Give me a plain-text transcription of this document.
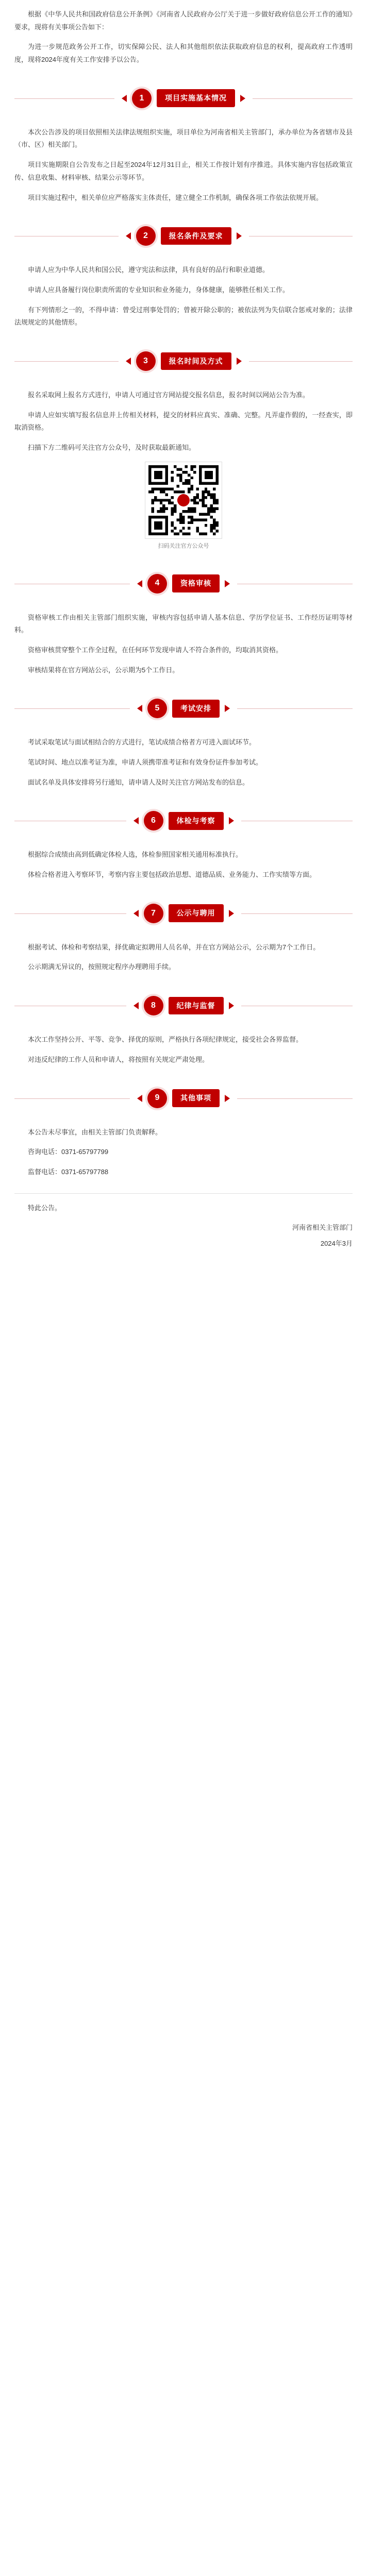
根据《中华人民共和国政府信息公开条例》《河南省人民政府办公厅关于进一步做好政府信息公开工作的通知》要求，现将有关事项公告如下：

为进一步规范政务公开工作，切实保障公民、法人和其他组织依法获取政府信息的权利，提高政府工作透明度，现将2024年度有关工作安排予以公告。

1	项目实施基本情况

本次公告涉及的项目依照相关法律法规组织实施，项目单位为河南省相关主管部门，承办单位为各省辖市及县（市、区）相关部门。

项目实施期限自公告发布之日起至2024年12月31日止，相关工作按计划有序推进。具体实施内容包括政策宣传、信息收集、材料审核、结果公示等环节。

项目实施过程中，相关单位应严格落实主体责任，建立健全工作机制，确保各项工作依法依规开展。

2	报名条件及要求

申请人应为中华人民共和国公民，遵守宪法和法律，具有良好的品行和职业道德。

申请人应具备履行岗位职责所需的专业知识和业务能力，身体健康，能够胜任相关工作。

有下列情形之一的，不得申请：曾受过刑事处罚的；曾被开除公职的；被依法列为失信联合惩戒对象的；法律法规规定的其他情形。

3	报名时间及方式

报名采取网上报名方式进行，申请人可通过官方网站提交报名信息，报名时间以网站公告为准。

申请人应如实填写报名信息并上传相关材料，提交的材料应真实、准确、完整。凡弄虚作假的，一经查实，即取消资格。

扫描下方二维码可关注官方公众号，及时获取最新通知。

扫码关注官方公众号
4	资格审核

资格审核工作由相关主管部门组织实施，审核内容包括申请人基本信息、学历学位证书、工作经历证明等材料。

资格审核贯穿整个工作全过程，在任何环节发现申请人不符合条件的，均取消其资格。

审核结果将在官方网站公示，公示期为5个工作日。

5	考试安排

考试采取笔试与面试相结合的方式进行，笔试成绩合格者方可进入面试环节。

笔试时间、地点以准考证为准，申请人须携带准考证和有效身份证件参加考试。

面试名单及具体安排将另行通知，请申请人及时关注官方网站发布的信息。

6	体检与考察

根据综合成绩由高到低确定体检人选，体检参照国家相关通用标准执行。

体检合格者进入考察环节，考察内容主要包括政治思想、道德品质、业务能力、工作实绩等方面。

7	公示与聘用

根据考试、体检和考察结果，择优确定拟聘用人员名单，并在官方网站公示，公示期为7个工作日。

公示期满无异议的，按照规定程序办理聘用手续。

8	纪律与监督

本次工作坚持公开、平等、竞争、择优的原则，严格执行各项纪律规定，接受社会各界监督。

对违反纪律的工作人员和申请人，将按照有关规定严肃处理。

9	其他事项

本公告未尽事宜，由相关主管部门负责解释。

咨询电话：0371-65797799

监督电话：0371-65797788

特此公告。

河南省相关主管部门

2024年3月
